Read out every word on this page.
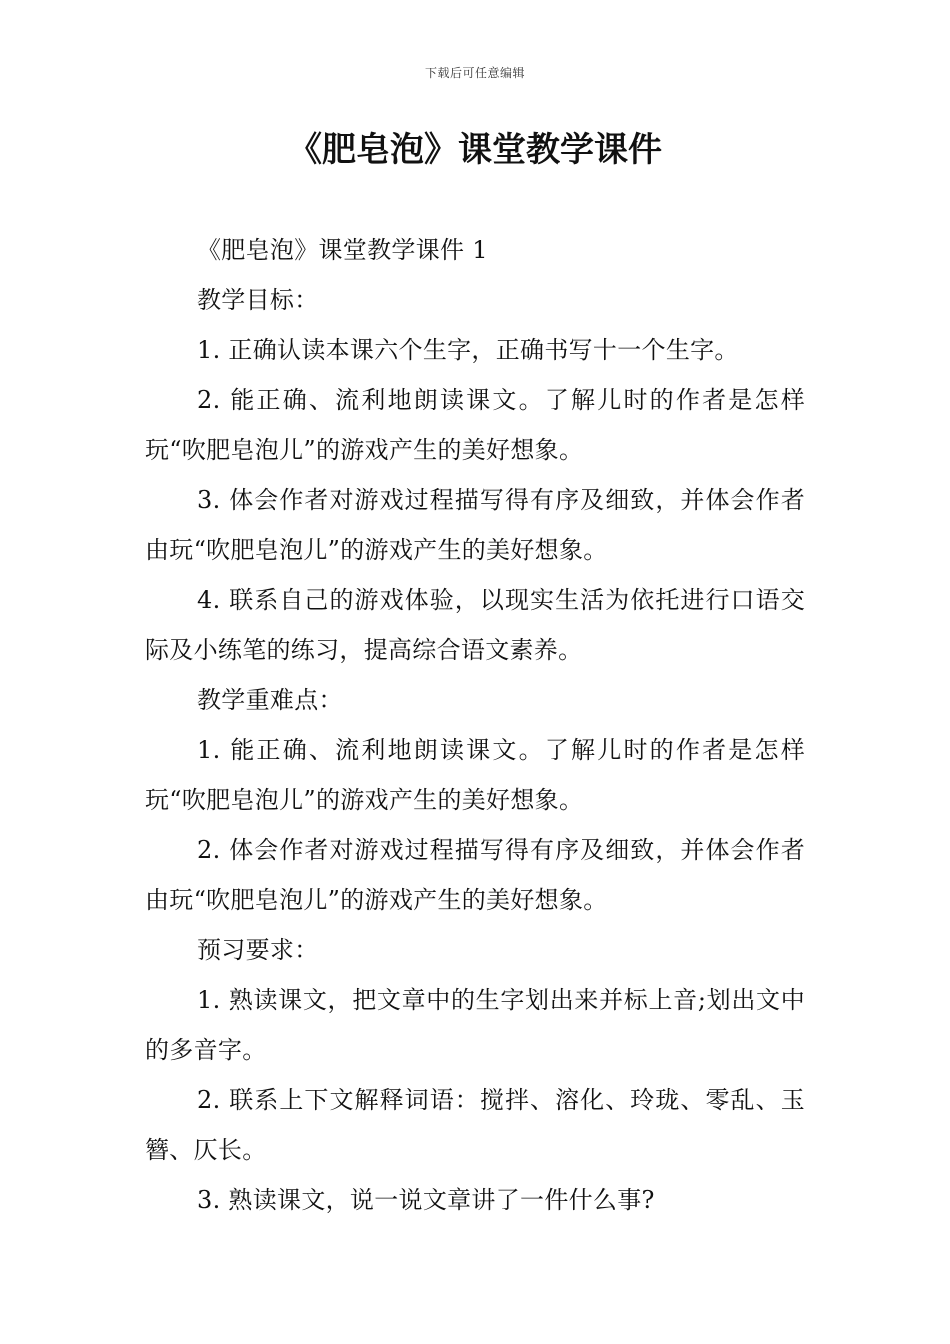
下载后可任意编辑
《肥皂泡》课堂教学课件

《肥皂泡》课堂教学课件 1

教学目标：

1. 正确认读本课六个生字，正确书写十一个生字。

2. 能正确、流利地朗读课文。了解儿时的作者是怎样玩“吹肥皂泡儿”的游戏产生的美好想象。

3. 体会作者对游戏过程描写得有序及细致，并体会作者由玩“吹肥皂泡儿”的游戏产生的美好想象。

4. 联系自己的游戏体验，以现实生活为依托进行口语交际及小练笔的练习，提高综合语文素养。

教学重难点：

1. 能正确、流利地朗读课文。了解儿时的作者是怎样玩“吹肥皂泡儿”的游戏产生的美好想象。

2. 体会作者对游戏过程描写得有序及细致，并体会作者由玩“吹肥皂泡儿”的游戏产生的美好想象。

预习要求：

1. 熟读课文，把文章中的生字划出来并标上音;划出文中的多音字。

2. 联系上下文解释词语：搅拌、溶化、玲珑、零乱、玉簪、仄长。

3. 熟读课文，说一说文章讲了一件什么事?
